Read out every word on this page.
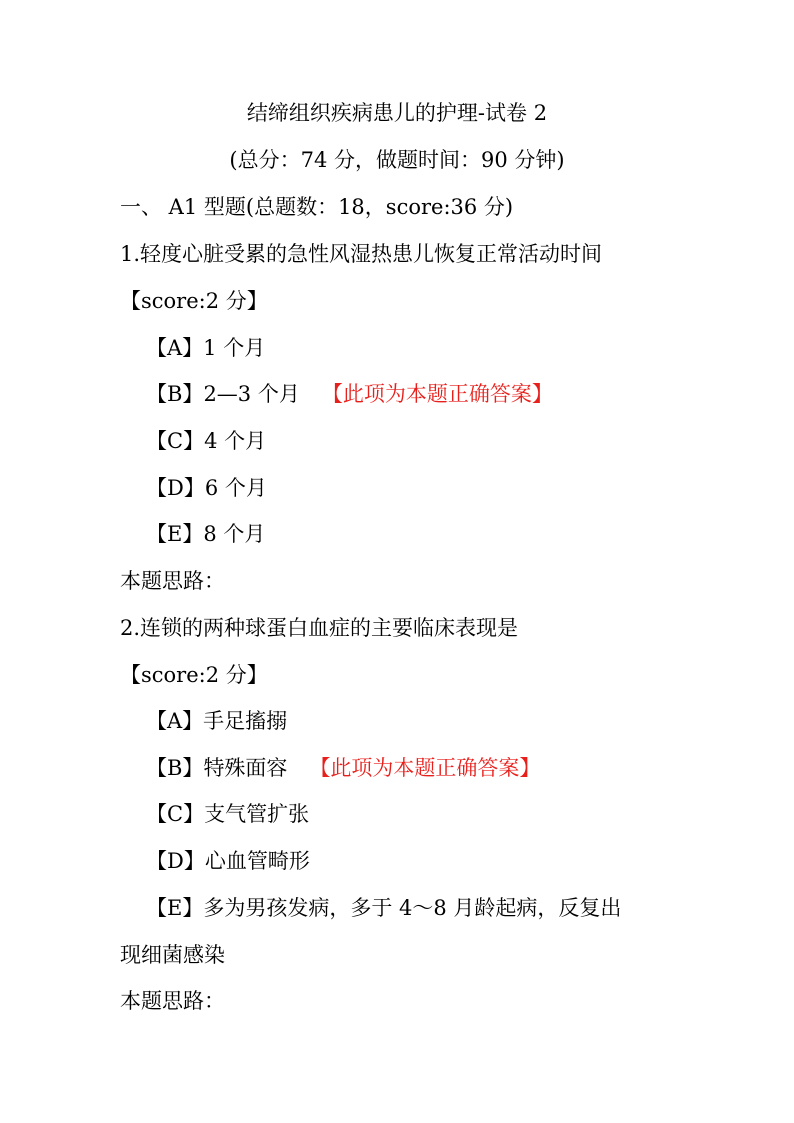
结缔组织疾病患儿的护理-试卷 2
(总分：74 分，做题时间：90 分钟)
一、 A1 型题(总题数：18，score:36 分)
1.轻度心脏受累的急性风湿热患儿恢复正常活动时间
【score:2 分】
【A】1 个月
【B】2—3 个月 【此项为本题正确答案】
【C】4 个月
【D】6 个月
【E】8 个月
本题思路：
2.连锁的两种球蛋白血症的主要临床表现是
【score:2 分】
【A】手足搐搦
【B】特殊面容 【此项为本题正确答案】
【C】支气管扩张
【D】心血管畸形
【E】多为男孩发病，多于 4～8 月龄起病，反复出
现细菌感染
本题思路：
